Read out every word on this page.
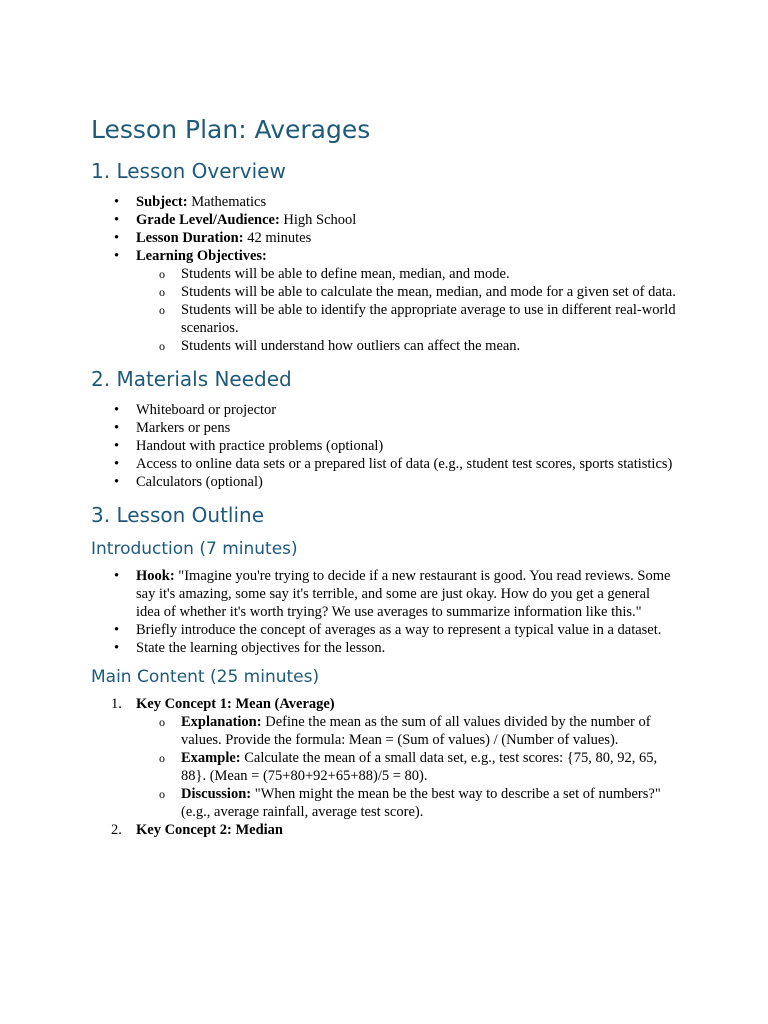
Lesson Plan: Averages
1. Lesson Overview
• Subject: Mathematics
• Grade Level/Audience: High School
• Lesson Duration: 42 minutes
• Learning Objectives:
o Students will be able to define mean, median, and mode.
o Students will be able to calculate the mean, median, and mode for a given set of data.
o Students will be able to identify the appropriate average to use in different real-world scenarios.
o Students will understand how outliers can affect the mean.
2. Materials Needed
• Whiteboard or projector
• Markers or pens
• Handout with practice problems (optional)
• Access to online data sets or a prepared list of data (e.g., student test scores, sports statistics)
• Calculators (optional)
3. Lesson Outline
Introduction (7 minutes)
• Hook: "Imagine you're trying to decide if a new restaurant is good. You read reviews. Some say it's amazing, some say it's terrible, and some are just okay. How do you get a general idea of whether it's worth trying? We use averages to summarize information like this."
• Briefly introduce the concept of averages as a way to represent a typical value in a dataset.
• State the learning objectives for the lesson.
Main Content (25 minutes)
1. Key Concept 1: Mean (Average)
o Explanation: Define the mean as the sum of all values divided by the number of values. Provide the formula: Mean = (Sum of values) / (Number of values).
o Example: Calculate the mean of a small data set, e.g., test scores: {75, 80, 92, 65, 88}. (Mean = (75+80+92+65+88)/5 = 80).
o Discussion: "When might the mean be the best way to describe a set of numbers?" (e.g., average rainfall, average test score).
2. Key Concept 2: Median
